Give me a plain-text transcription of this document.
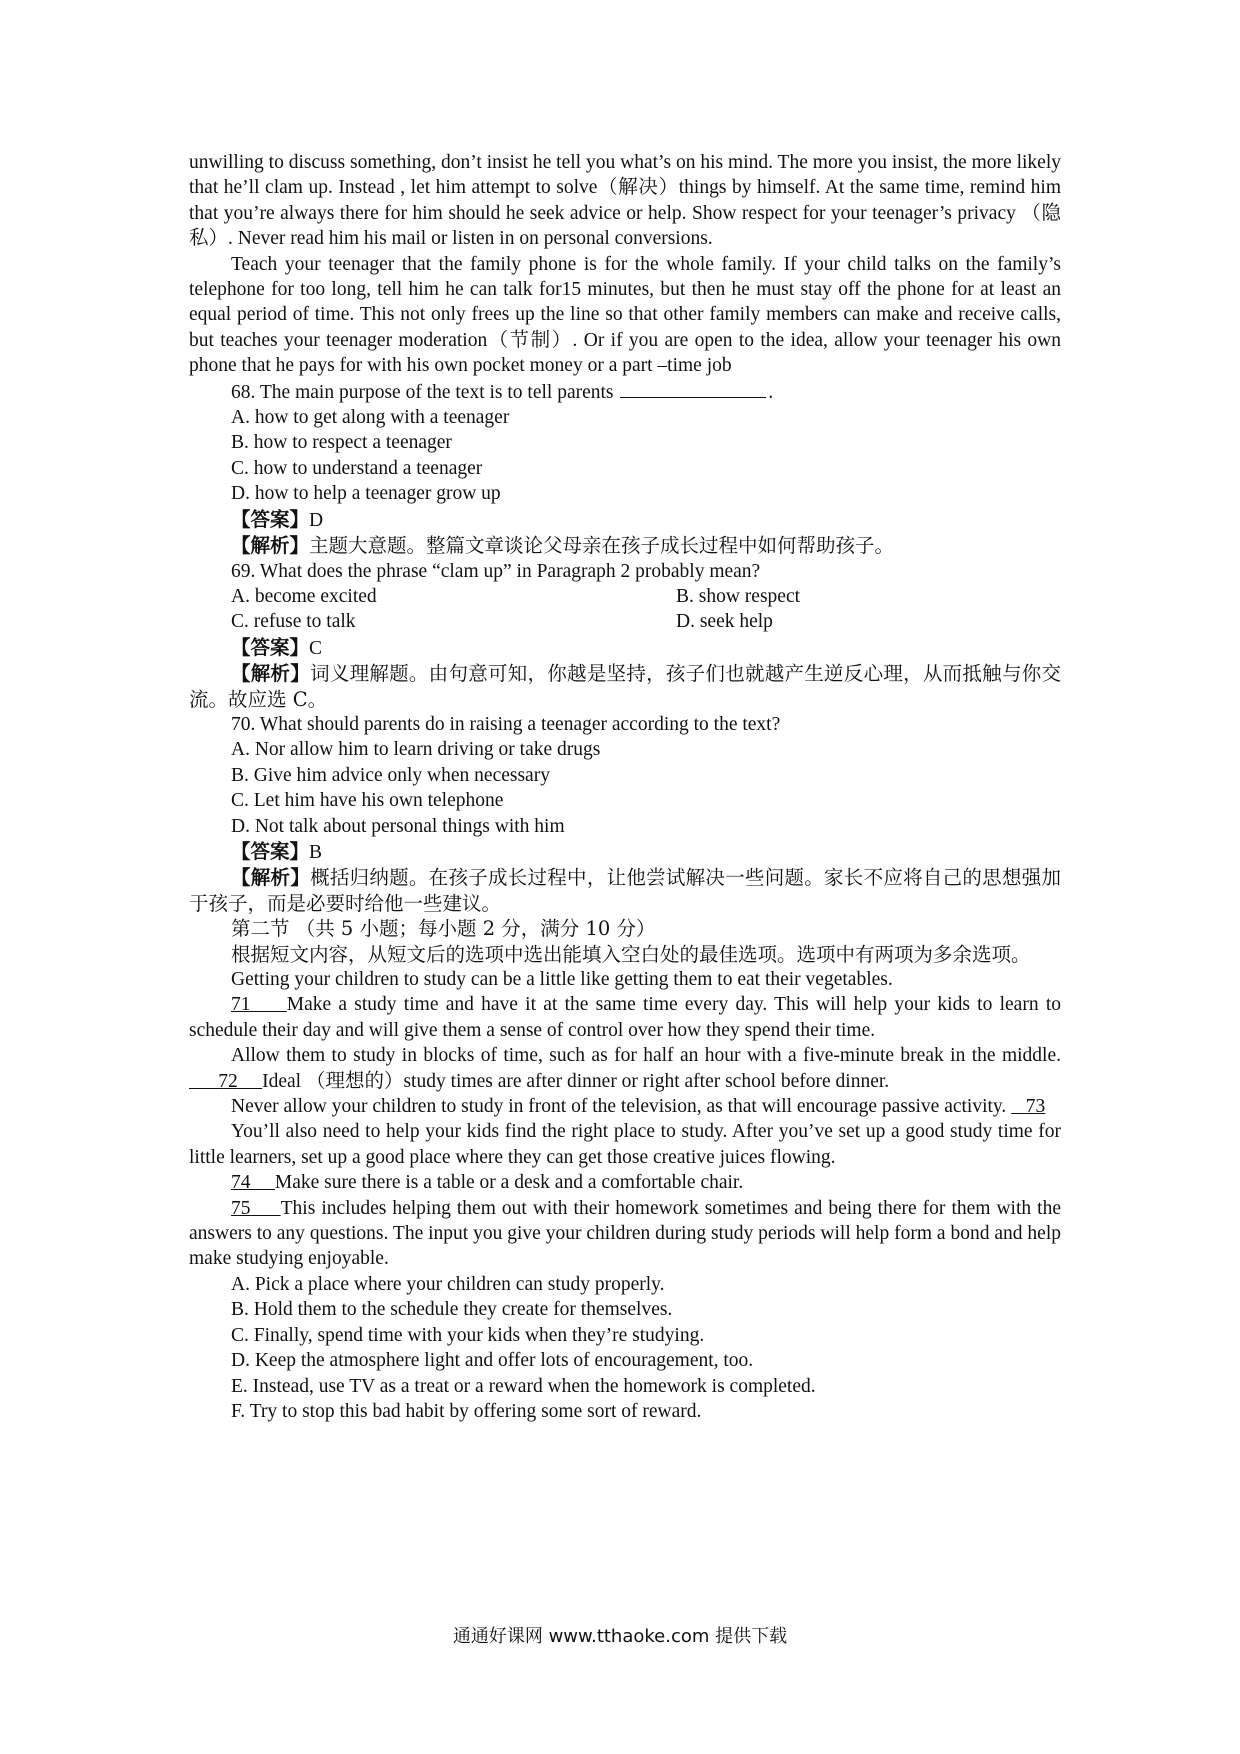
unwilling to discuss something, don’t insist he tell you what’s on his mind. The more you insist, the more likely that he’ll clam up. Instead , let him attempt to solve（解决）things by himself. At the same time, remind him that you’re always there for him should he seek advice or help. Show respect for your teenager’s privacy （隐私）. Never read him his mail or listen in on personal conversions.

Teach your teenager that the family phone is for the whole family. If your child talks on the family’s telephone for too long, tell him he can talk for15 minutes, but then he must stay off the phone for at least an equal period of time. This not only frees up the line so that other family members can make and receive calls, but teaches your teenager moderation（节制）. Or if you are open to the idea, allow your teenager his own phone that he pays for with his own pocket money or a part –time job

68. The main purpose of the text is to tell parents	.

A. how to get along with a teenager

B. how to respect a teenager

C. how to understand a teenager

D. how to help a teenager grow up

【答案】D

【解析】主题大意题。整篇文章谈论父母亲在孩子成长过程中如何帮助孩子。

69. What does the phrase “clam up” in Paragraph 2 probably mean?

A. become excited	B. show respect
C. refuse to talk	D. seek help

【答案】C

【解析】词义理解题。由句意可知，你越是坚持，孩子们也就越产生逆反心理，从而抵触与你交流。故应选 C。

70. What should parents do in raising a teenager according to the text?

A. Nor allow him to learn driving or take drugs

B. Give him advice only when necessary

C. Let him have his own telephone

D. Not talk about personal things with him

【答案】B

【解析】概括归纳题。在孩子成长过程中，让他尝试解决一些问题。家长不应将自己的思想强加于孩子，而是必要时给他一些建议。

第二节 （共 5 小题；每小题 2 分，满分 10 分）

根据短文内容，从短文后的选项中选出能填入空白处的最佳选项。选项中有两项为多余选项。

Getting your children to study can be a little like getting them to eat their vegetables.

71 Make a study time and have it at the same time every day. This will help your kids to learn to schedule their day and will give them a sense of control over how they spend their time.

Allow them to study in blocks of time, such as for half an hour with a five-minute break in the middle.       72 Ideal （理想的）study times are after dinner or right after school before dinner.

Never allow your children to study in front of the television, as that will encourage passive activity. 73

You’ll also need to help your kids find the right place to study. After you’ve set up a good study time for little learners, set up a good place where they can get those creative juices flowing.

74 Make sure there is a table or a desk and a comfortable chair.

75 This includes helping them out with their homework sometimes and being there for them with the answers to any questions. The input you give your children during study periods will help form a bond and help make studying enjoyable.

A. Pick a place where your children can study properly.

B. Hold them to the schedule they create for themselves.

C. Finally, spend time with your kids when they’re studying.

D. Keep the atmosphere light and offer lots of encouragement, too.

E. Instead, use TV as a treat or a reward when the homework is completed.

F. Try to stop this bad habit by offering some sort of reward.

通通好课网 www.tthaoke.com 提供下载
